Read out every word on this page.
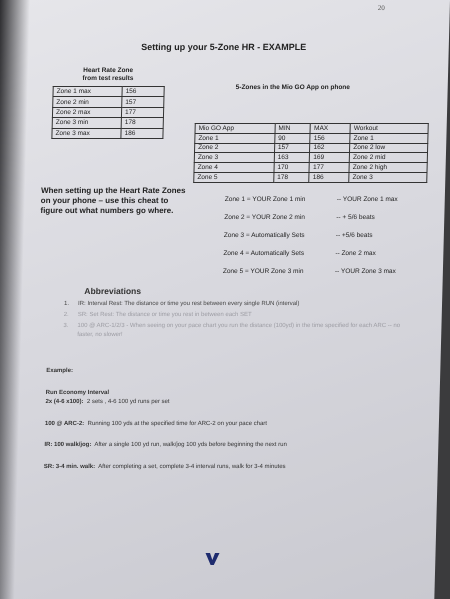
20
Setting up your 5-Zone HR - EXAMPLE
Heart Rate Zone
from test results
Zone 1 max	156
Zone 2 min	157
Zone 2 max	177
Zone 3 min	178
Zone 3 max	186
5-Zones in the Mio GO App on phone
Mio GO App	MIN	MAX	Workout
Zone 1	90	156	Zone 1
Zone 2	157	162	Zone 2 low
Zone 3	163	169	Zone 2 mid
Zone 4	170	177	Zone 2 high
Zone 5	178	186	Zone 3
When setting up the Heart Rate Zones on your phone – use this cheat to figure out what numbers go where.
Zone 1 = YOUR Zone 1 min	-- YOUR Zone 1 max
Zone 2 = YOUR Zone 2 min	-- + 5/6 beats
Zone 3 = Automatically Sets	-- +5/6 beats
Zone 4 = Automatically Sets	-- Zone 2 max
Zone 5 = YOUR Zone 3 min	-- YOUR Zone 3 max
Abbreviations
1.	IR: Interval Rest: The distance or time you rest between every single RUN (interval)
2.	SR: Set Rest: The distance or time you rest in between each SET
3.	100 @ ARC-1/2/3 - When seeing on your pace chart you run the distance (100yd) in the time specified for each ARC -- no faster, no slower!
Example:
Run Economy Interval
2x (4-6 x100): 2 sets , 4-6 100 yd runs per set
100 @ ARC-2: Running 100 yds at the specified time for ARC-2 on your pace chart
IR: 100 walk/jog: After a single 100 yd run, walk/jog 100 yds before beginning the next run
SR: 3-4 min. walk: After completing a set, complete 3-4 interval runs, walk for 3-4 minutes
